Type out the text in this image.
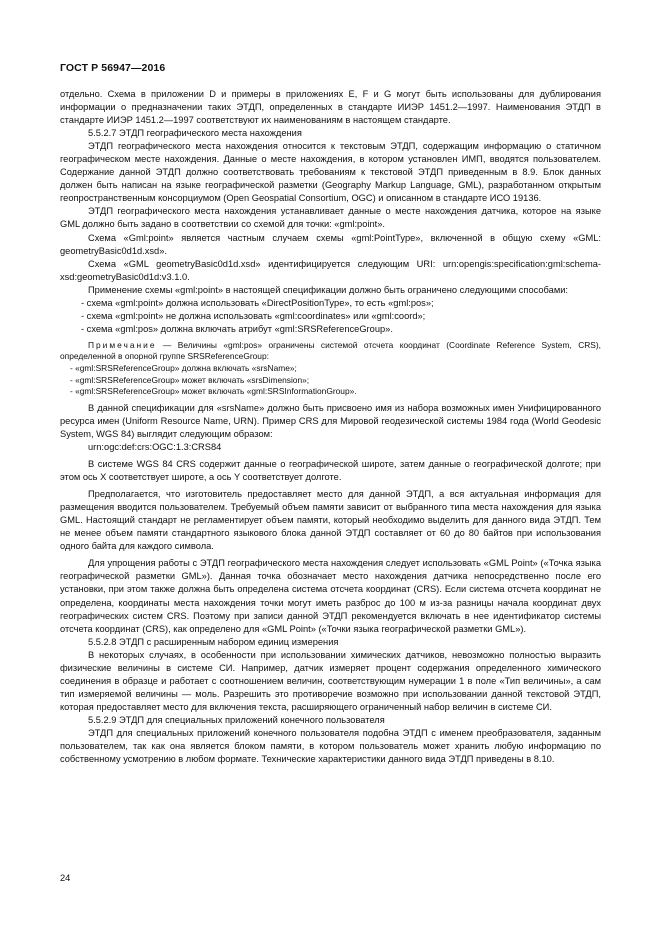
ГОСТ Р 56947—2016

отдельно. Схема в приложении D и примеры в приложениях E, F и G могут быть использованы для дублирования информации о предназначении таких ЭТДП, определенных в стандарте ИИЭР 1451.2—1997. Наименования ЭТДП в стандарте ИИЭР 1451.2—1997 соответствуют их наименованиям в настоящем стандарте.

5.5.2.7 ЭТДП географического места нахождения

ЭТДП географического места нахождения относится к текстовым ЭТДП, содержащим информацию о статичном географическом месте нахождения. Данные о месте нахождения, в котором установлен ИМП, вводятся пользователем. Содержание данной ЭТДП должно соответствовать требованиям к текстовой ЭТДП приведенным в 8.9. Блок данных должен быть написан на языке географической разметки (Geography Markup Language, GML), разработанном открытым геопространственным консорциумом (Open Geospatial Consortium, OGC) и описанном в стандарте ИСО 19136.

ЭТДП географического места нахождения устанавливает данные о месте нахождения датчика, которое на языке GML должно быть задано в соответствии со схемой для точки: «gml:point».

Схема «Gml:point» является частным случаем схемы «gml:PointType», включенной в общую схему «GML: geometryBasic0d1d.xsd».

Схема «GML geometryBasic0d1d.xsd» идентифицируется следующим URI: urn:opengis:specification:gml:schema-xsd:geometryBasic0d1d:v3.1.0.

Применение схемы «gml:point» в настоящей спецификации должно быть ограничено следующими способами:

- схема «gml:point» должна использовать «DirectPositionType», то есть «gml:pos»;

- схема «gml:point» не должна использовать «gml:coordinates» или «gml:coord»;

- схема «gml:pos» должна включать атрибут «gml:SRSReferenceGroup».

Примечание — Величины «gml:pos» ограничены системой отсчета координат (Coordinate Reference System, CRS), определенной в опорной группе SRSReferenceGroup:

- «gml:SRSReferenceGroup» должна включать «srsName»;

- «gml:SRSReferenceGroup» может включать «srsDimension»;

- «gml:SRSReferenceGroup» может включать «gml:SRSInformationGroup».

В данной спецификации для «srsName» должно быть присвоено имя из набора возможных имен Унифицированного ресурса имен (Uniform Resource Name, URN). Пример CRS для Мировой геодезической системы 1984 года (World Geodesic System, WGS 84) выглядит следующим образом:

urn:ogc:def:crs:OGC:1.3:CRS84

В системе WGS 84 CRS содержит данные о географической широте, затем данные о географической долготе; при этом ось X соответствует широте, а ось Y соответствует долготе.

Предполагается, что изготовитель предоставляет место для данной ЭТДП, а вся актуальная информация для размещения вводится пользователем. Требуемый объем памяти зависит от выбранного типа места нахождения для языка GML. Настоящий стандарт не регламентирует объем памяти, который необходимо выделить для данного вида ЭТДП. Тем не менее объем памяти стандартного языкового блока данной ЭТДП составляет от 60 до 80 байтов при использования одного байта для каждого символа.

Для упрощения работы с ЭТДП географического места нахождения следует использовать «GML Point» («Точка языка географической разметки GML»). Данная точка обозначает место нахождения датчика непосредственно после его установки, при этом также должна быть определена система отсчета координат (CRS). Если система отсчета координат не определена, координаты места нахождения точки могут иметь разброс до 100 м из-за разницы начала координат двух географических систем CRS. Поэтому при записи данной ЭТДП рекомендуется включать в нее идентификатор системы отсчета координат (CRS), как определено для «GML Point» («Точки языка географической разметки GML»).

5.5.2.8 ЭТДП с расширенным набором единиц измерения

В некоторых случаях, в особенности при использовании химических датчиков, невозможно полностью выразить физические величины в системе СИ. Например, датчик измеряет процент содержания определенного химического соединения в образце и работает с соотношением величин, соответствующим нумерации 1 в поле «Тип величины», а сам тип измеряемой величины — моль. Разрешить это противоречие возможно при использовании данной текстовой ЭТДП, которая предоставляет место для включения текста, расширяющего ограниченный набор величин в системе СИ.

5.5.2.9 ЭТДП для специальных приложений конечного пользователя

ЭТДП для специальных приложений конечного пользователя подобна ЭТДП с именем преобразователя, заданным пользователем, так как она является блоком памяти, в котором пользователь может хранить любую информацию по собственному усмотрению в любом формате. Технические характеристики данного вида ЭТДП приведены в 8.10.

24
